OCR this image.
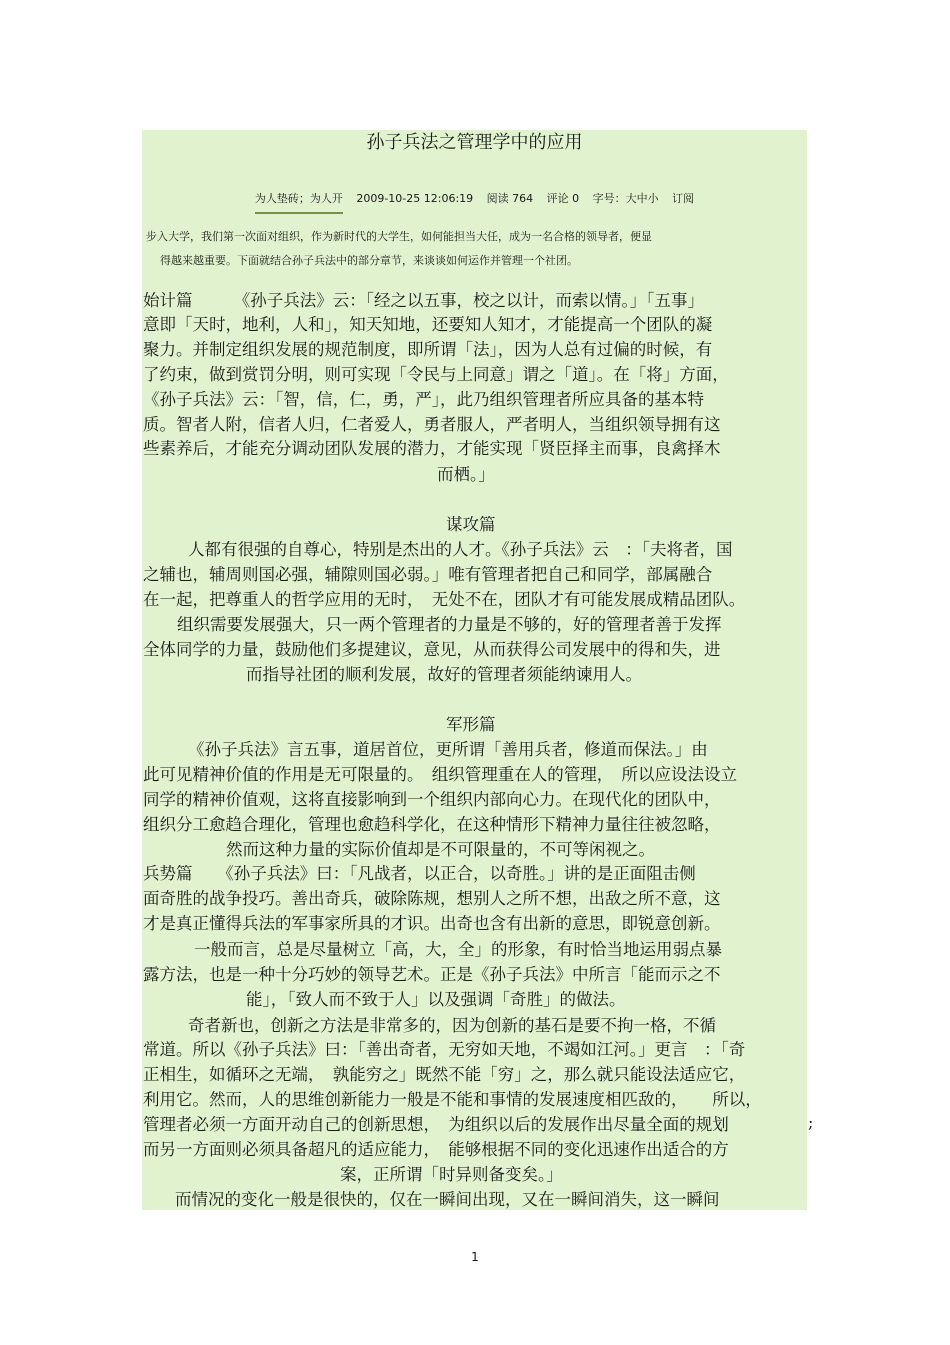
孙子兵法之管理学中的应用
为人垫砖；为人开 2009-10-25 12:06:19 阅读 764 评论 0 字号：大中小 订阅
步入大学，我们第一次面对组织，作为新时代的大学生，如何能担当大任，成为一名合格的领导者，便显
得越来越重要。下面就结合孙子兵法中的部分章节，来谈谈如何运作并管理一个社团。
始计篇　　　《孙子兵法》云：「经之以五事，校之以计，而索以情。」「五事」
意即「天时，地利，人和」，知天知地，还要知人知才，才能提高一个团队的凝
聚力。并制定组织发展的规范制度，即所谓「法」，因为人总有过偏的时候，有
了约束，做到赏罚分明，则可实现「令民与上同意」谓之「道」。在「将」方面，
《孙子兵法》云：「智，信，仁，勇，严」，此乃组织管理者所应具备的基本特
质。智者人附，信者人归，仁者爱人，勇者服人，严者明人，当组织领导拥有这
些素养后，才能充分调动团队发展的潜力，才能实现「贤臣择主而事，良禽择木
而栖。」
谋攻篇
人都有很强的自尊心，特别是杰出的人才。《孙子兵法》云　：「夫将者，国
之辅也，辅周则国必强，辅隙则国必弱。」唯有管理者把自己和同学，部属融合
在一起，把尊重人的哲学应用的无时，　无处不在，团队才有可能发展成精品团队。
组织需要发展强大，只一两个管理者的力量是不够的，好的管理者善于发挥
全体同学的力量，鼓励他们多提建议，意见，从而获得公司发展中的得和失，进
而指导社团的顺利发展，故好的管理者须能纳谏用人。
军形篇
《孙子兵法》言五事，道居首位，更所谓「善用兵者，修道而保法。」由
此可见精神价值的作用是无可限量的。　组织管理重在人的管理，　所以应设法设立
同学的精神价值观，这将直接影响到一个组织内部向心力。在现代化的团队中，
组织分工愈趋合理化，管理也愈趋科学化，在这种情形下精神力量往往被忽略，
然而这种力量的实际价值却是不可限量的，不可等闲视之。
兵势篇　　《孙子兵法》曰：「凡战者，以正合，以奇胜。」讲的是正面阻击侧
面奇胜的战争投巧。善出奇兵，破除陈规，想别人之所不想，出敌之所不意，这
才是真正懂得兵法的军事家所具的才识。出奇也含有出新的意思，即锐意创新。
一般而言，总是尽量树立「高，大，全」的形象，有时恰当地运用弱点暴
露方法，也是一种十分巧妙的领导艺术。正是《孙子兵法》中所言「能而示之不
能」，「致人而不致于人」以及强调「奇胜」的做法。
奇者新也，创新之方法是非常多的，因为创新的基石是要不拘一格，不循
常道。所以《孙子兵法》曰：「善出奇者，无穷如天地，不竭如江河。」更言　：「奇
正相生，如循环之无端，　孰能穷之」既然不能「穷」之，那么就只能设法适应它，
利用它。然而，人的思维创新能力一般是不能和事情的发展速度相匹敌的，　　所以，
管理者必须一方面开动自己的创新思想，　为组织以后的发展作出尽量全面的规划
而另一方面则必须具备超凡的适应能力，　能够根据不同的变化迅速作出适合的方
案，正所谓「时异则备变矣。」
而情况的变化一般是很快的，仅在一瞬间出现，又在一瞬间消失，这一瞬间
;
1
